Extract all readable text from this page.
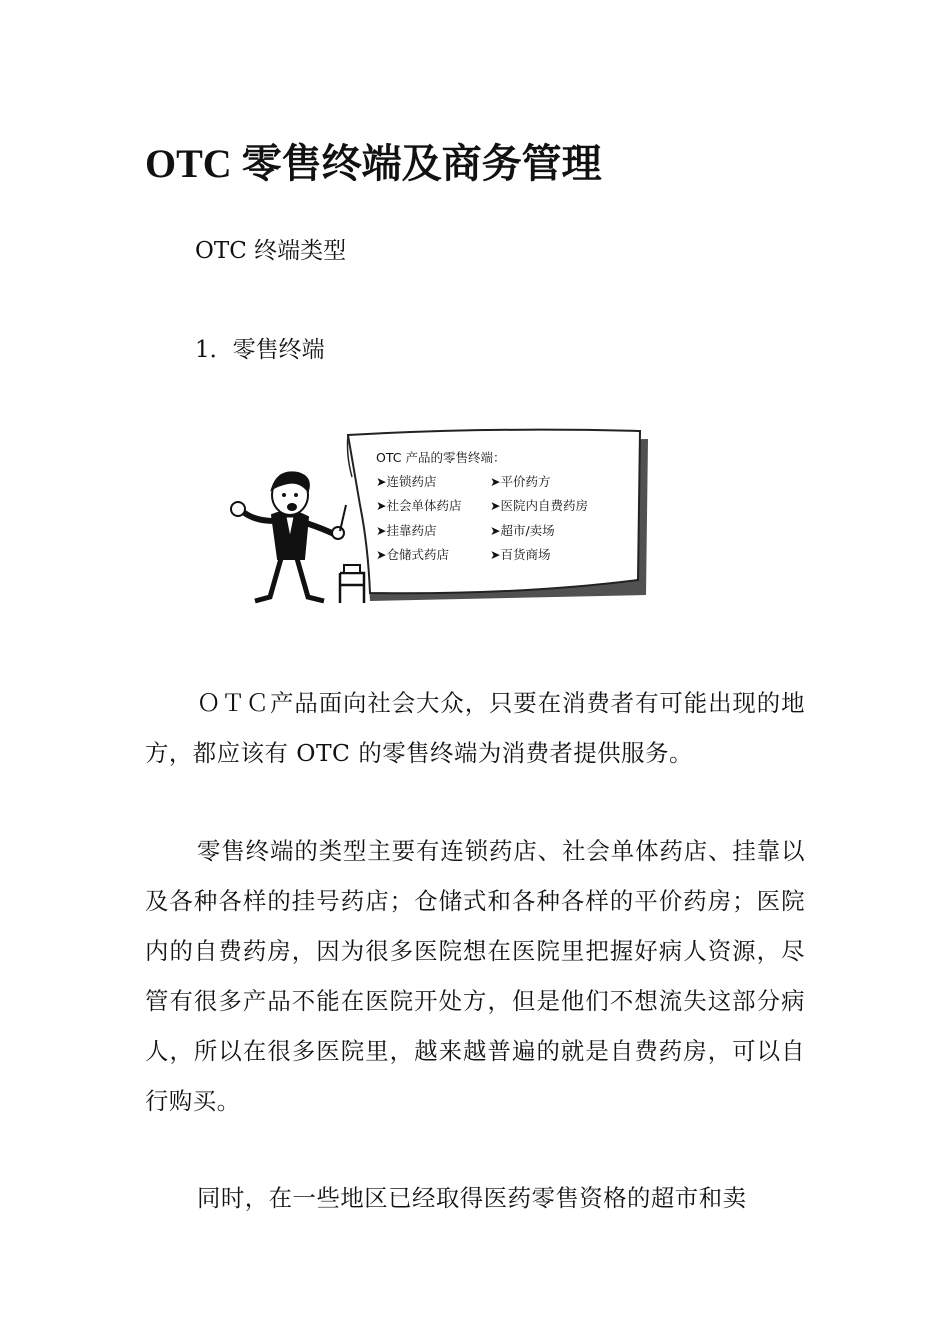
OTC 零售终端及商务管理

OTC 终端类型

1．零售终端

OTC 产品的零售终端：
➤连锁药店	➤平价药方
➤社会单体药店 ➤医院内自费药房
➤挂靠药店	➤超市/卖场
➤仓储式药店	➤百货商场

ＯＴＣ产品面向社会大众，只要在消费者有可能出现的地方，都应该有 OTC 的零售终端为消费者提供服务。

零售终端的类型主要有连锁药店、社会单体药店、挂靠以及各种各样的挂号药店；仓储式和各种各样的平价药房；医院内的自费药房，因为很多医院想在医院里把握好病人资源，尽管有很多产品不能在医院开处方，但是他们不想流失这部分病人，所以在很多医院里，越来越普遍的就是自费药房，可以自行购买。

同时，在一些地区已经取得医药零售资格的超市和卖
